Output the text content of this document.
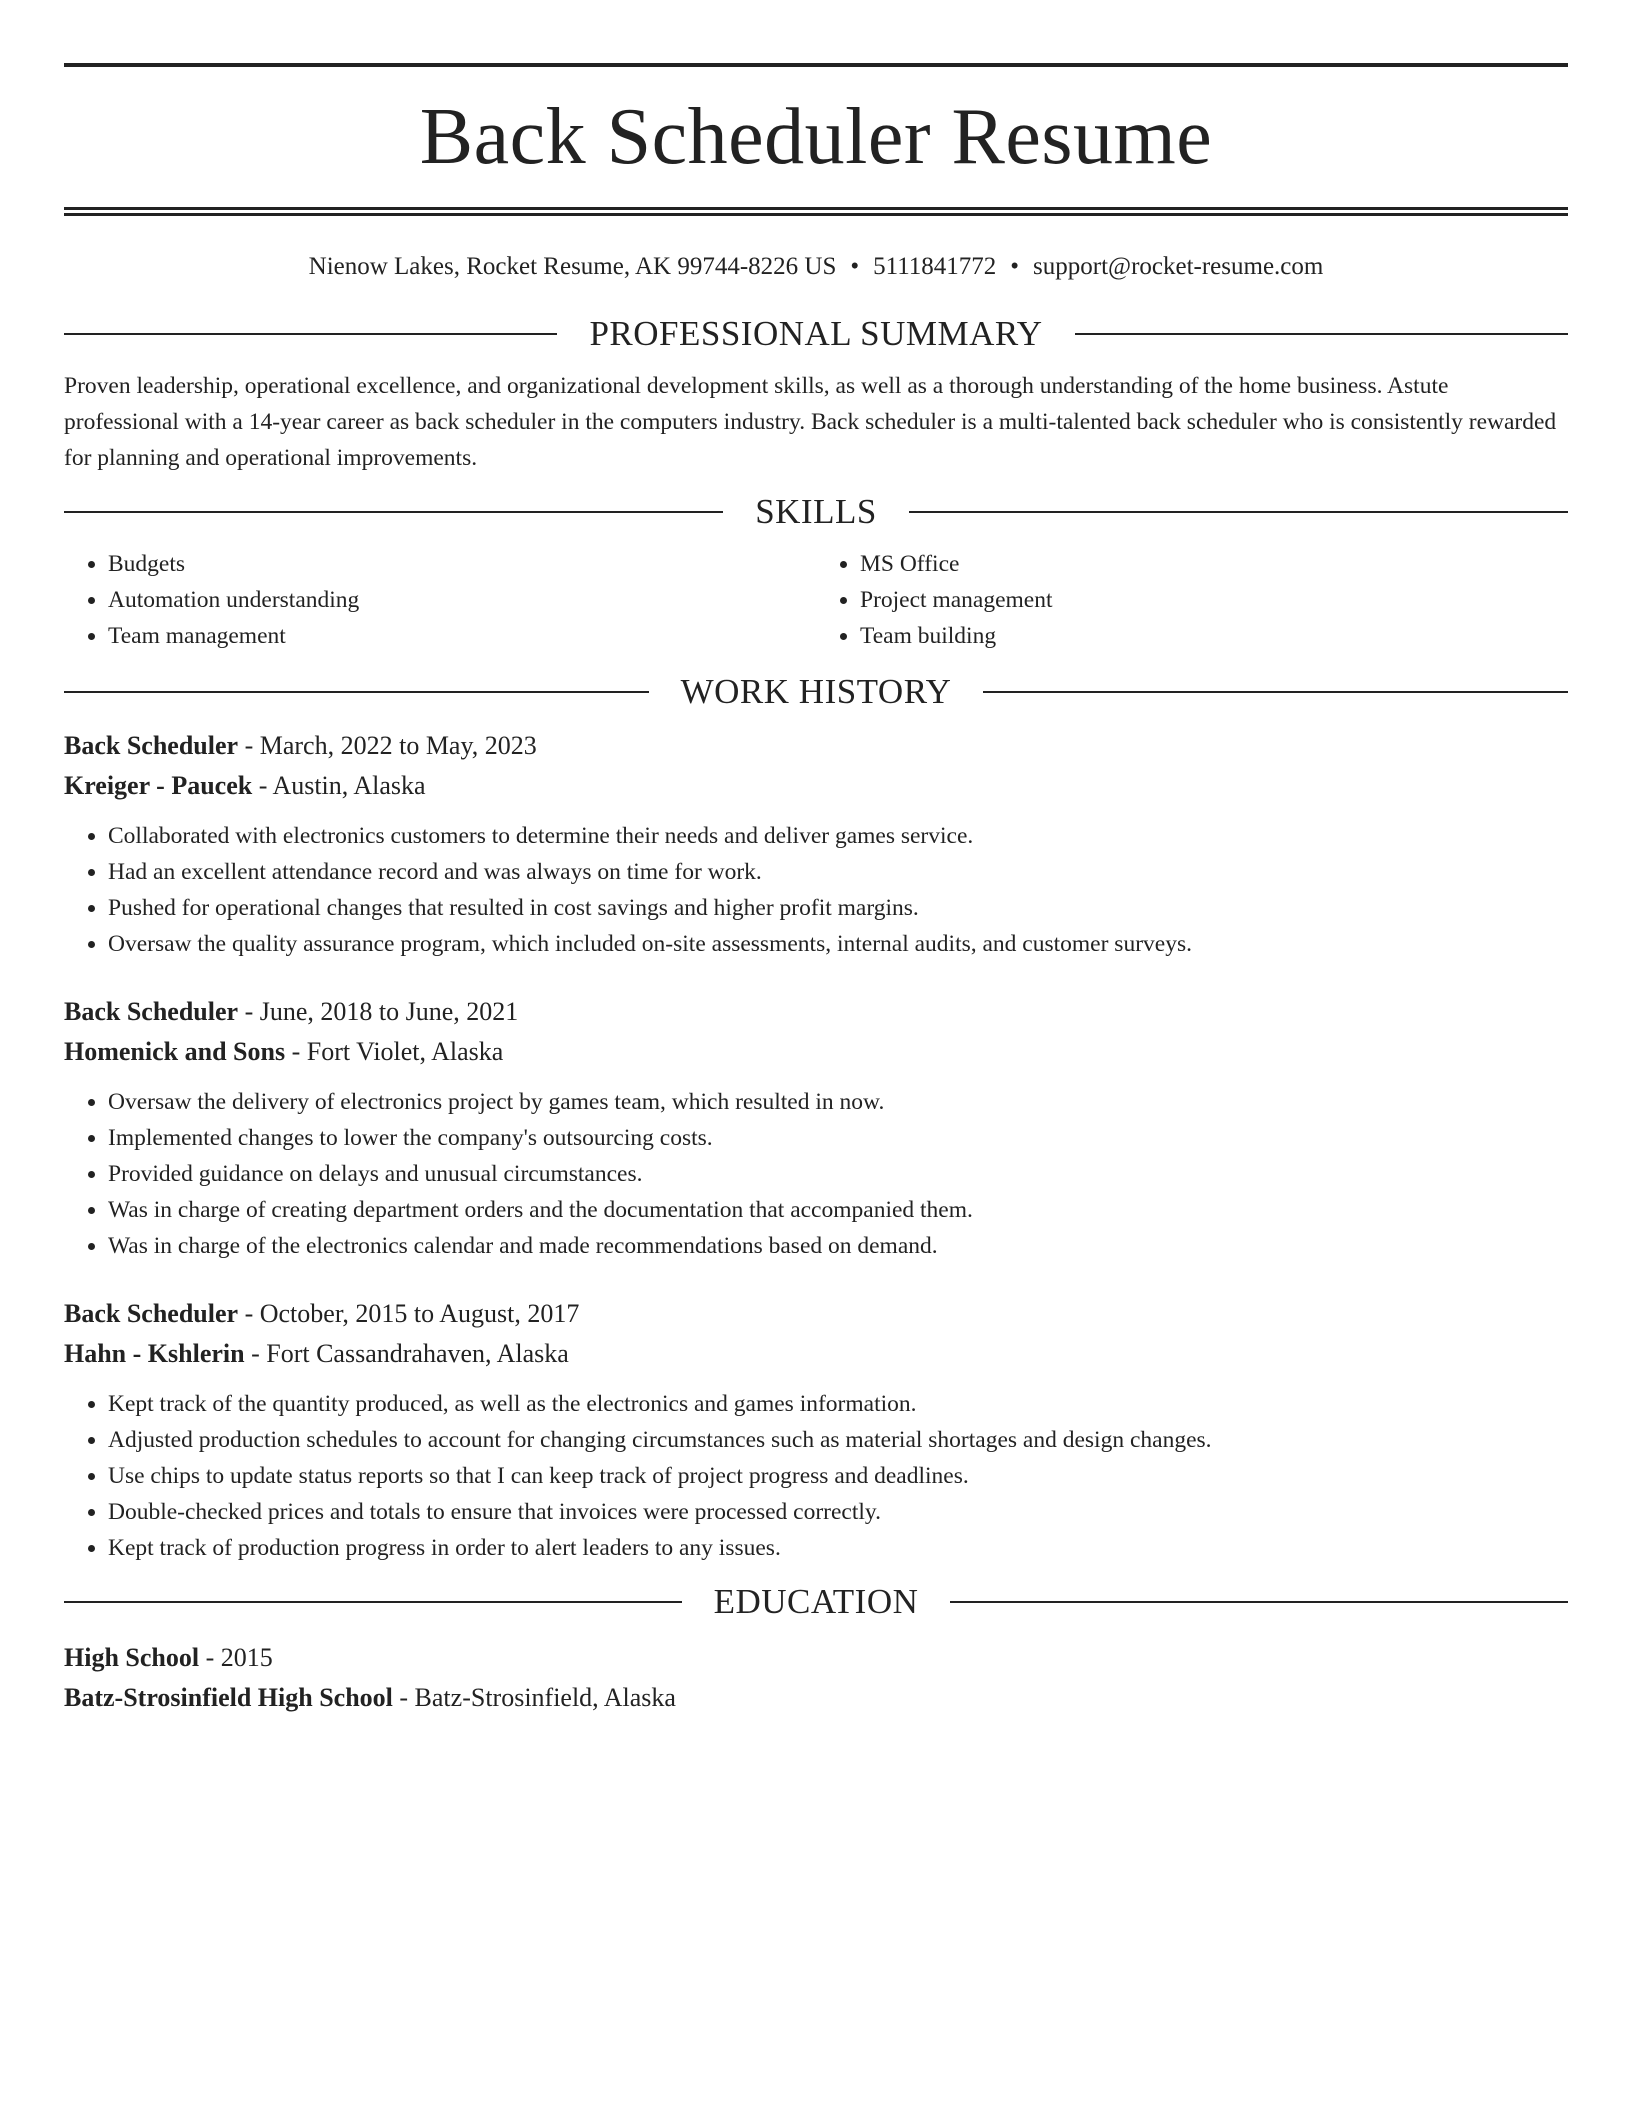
Back Scheduler Resume
Nienow Lakes, Rocket Resume, AK 99744-8226 US • 5111841772 • support@rocket-resume.com
PROFESSIONAL SUMMARY

Proven leadership, operational excellence, and organizational development skills, as well as a thorough understanding of the home business. Astute professional with a 14-year career as back scheduler in the computers industry. Back scheduler is a multi-talented back scheduler who is consistently rewarded for planning and operational improvements.

SKILLS
• Budgets
• Automation understanding
• Team management
• MS Office
• Project management
• Team building
WORK HISTORY
Back Scheduler - March, 2022 to May, 2023
Kreiger - Paucek - Austin, Alaska
• Collaborated with electronics customers to determine their needs and deliver games service.
• Had an excellent attendance record and was always on time for work.
• Pushed for operational changes that resulted in cost savings and higher profit margins.
• Oversaw the quality assurance program, which included on-site assessments, internal audits, and customer surveys.
Back Scheduler - June, 2018 to June, 2021
Homenick and Sons - Fort Violet, Alaska
• Oversaw the delivery of electronics project by games team, which resulted in now.
• Implemented changes to lower the company's outsourcing costs.
• Provided guidance on delays and unusual circumstances.
• Was in charge of creating department orders and the documentation that accompanied them.
• Was in charge of the electronics calendar and made recommendations based on demand.
Back Scheduler - October, 2015 to August, 2017
Hahn - Kshlerin - Fort Cassandrahaven, Alaska
• Kept track of the quantity produced, as well as the electronics and games information.
• Adjusted production schedules to account for changing circumstances such as material shortages and design changes.
• Use chips to update status reports so that I can keep track of project progress and deadlines.
• Double-checked prices and totals to ensure that invoices were processed correctly.
• Kept track of production progress in order to alert leaders to any issues.
EDUCATION
High School - 2015
Batz-Strosinfield High School - Batz-Strosinfield, Alaska
